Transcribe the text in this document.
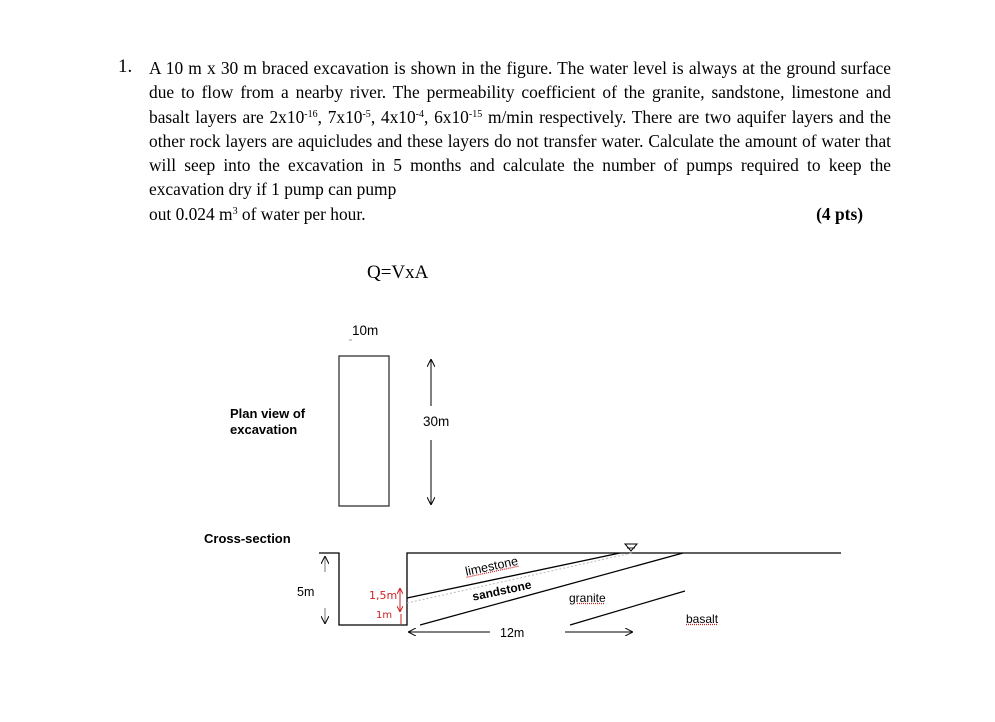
1. A 10 m x 30 m braced excavation is shown in the figure. The water level is always at the ground surface due to flow from a nearby river. The permeability coefficient of the granite, sandstone, limestone and basalt layers are $2x10^{-16}$, $7x10^{-5}$, $4x10^{-4}$, $6x10^{-15}$ m/min respectively. There are two aquifer layers and the other rock layers are aquicludes and these layers do not transfer water. Calculate the amount of water that will seep into the excavation in 5 months and calculate the number of pumps required to keep the excavation dry if 1 pump can pump
out 0.024 $m^3$ of water per hour.	(4 pts)
Q=VxA
10m
30m
Plan view of
excavation
Cross-section
5m	1,5m
1m
limestone
sandstone	granite
basalt
12m
